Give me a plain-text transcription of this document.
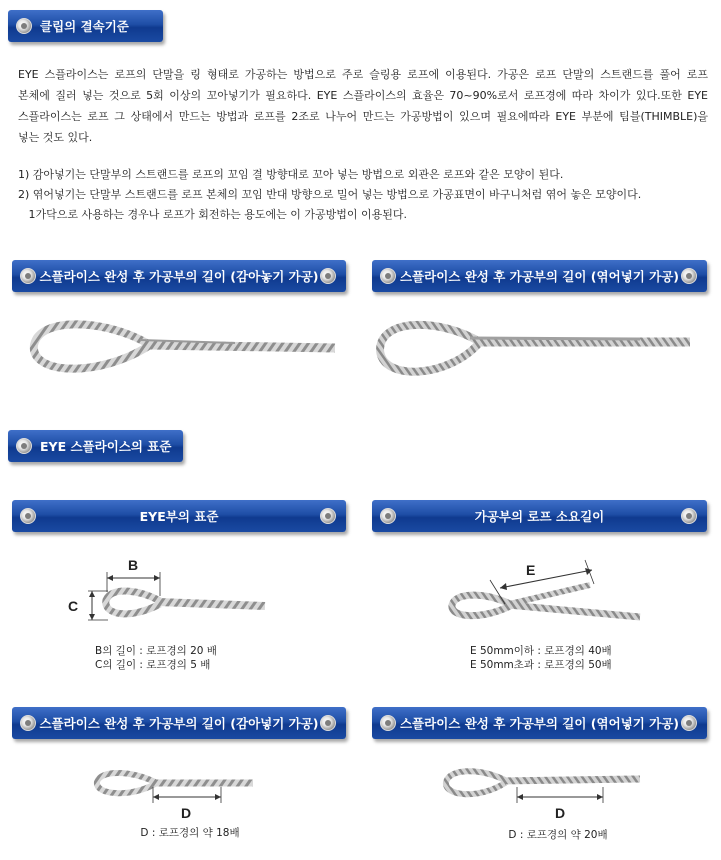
클립의 결속기준
EYE 스플라이스는 로프의 단말을 링 형태로 가공하는 방법으로 주로 슬링용 로프에 이용된다. 가공은 로프 단말의 스트랜드를 풀어 로프
본체에 질러 넣는 것으로 5회 이상의 꼬아넣기가 필요하다. EYE 스플라이스의 효율은 70~90%로서 로프경에 따라 차이가 있다.또한 EYE
스플라이스는 로프 그 상태에서 만드는 방법과 로프를 2조로 나누어 만드는 가공방법이 있으며 필요에따라 EYE 부분에 팀블(THIMBLE)을
넣는 것도 있다.
1) 감아넣기는 단말부의 스트랜드를 로프의 꼬임 결 방향대로 꼬아 넣는 방법으로 외관은 로프와 같은 모양이 된다.
2) 엮어넣기는 단말부 스트랜드를 로프 본체의 꼬임 반대 방향으로 밀어 넣는 방법으로 가공표면이 바구니처럼 엮어 놓은 모양이다.
1가닥으로 사용하는 경우나 로프가 회전하는 용도에는 이 가공방법이 이용된다.
스플라이스 완성 후 가공부의 길이 (감아놓기 가공)	스플라이스 완성 후 가공부의 길이 (엮어넣기 가공)
B
C
E
D	D
EYE 스플라이스의 표준
EYE부의 표준	가공부의 로프 소요길이
B의 길이 : 로프경의 20 배
C의 길이 : 로프경의 5 배
E 50mm이하 : 로프경의 40배
E 50mm초과 : 로프경의 50배
스플라이스 완성 후 가공부의 길이 (감아넣기 가공)	스플라이스 완성 후 가공부의 길이 (엮어넣기 가공)
D : 로프경의 약 18배	D : 로프경의 약 20배
